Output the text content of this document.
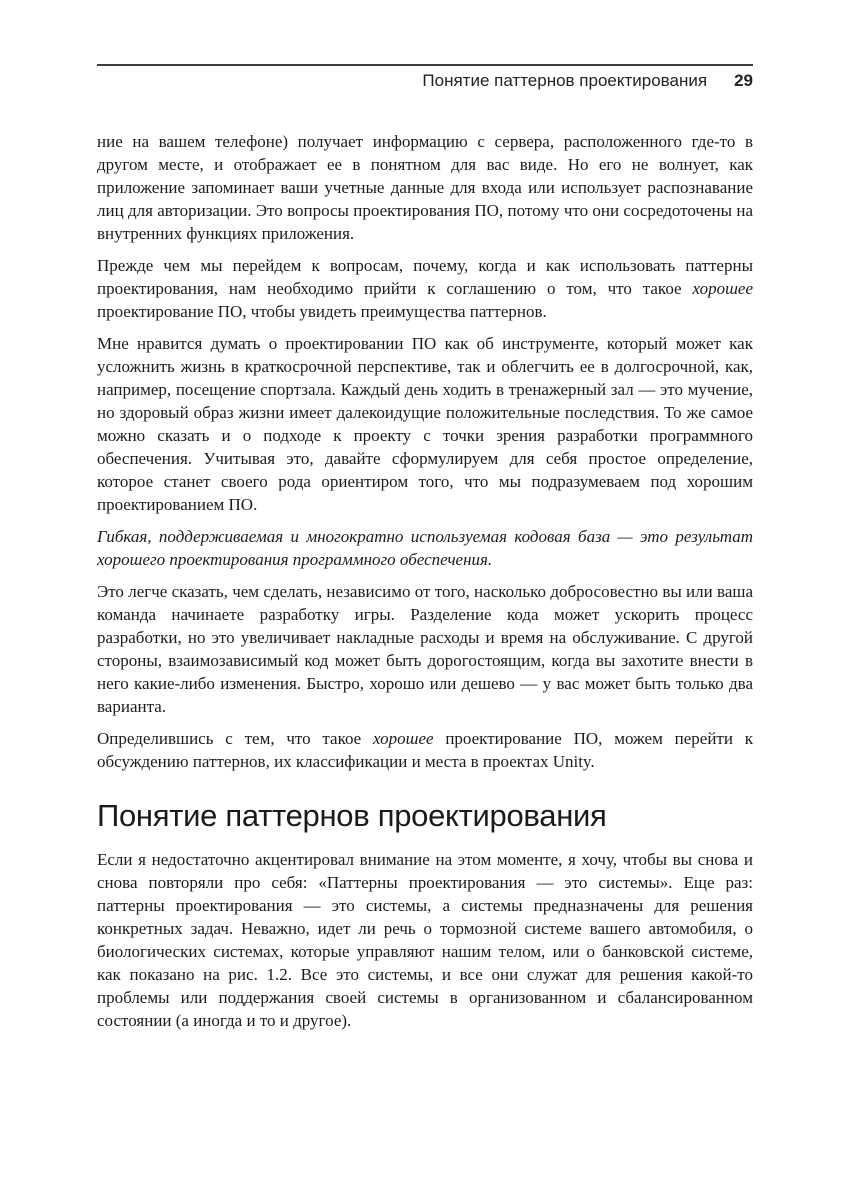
Понятие паттернов проектирования 29

ние на вашем телефоне) получает информацию с сервера, расположенного где-то в другом месте, и отображает ее в понятном для вас виде. Но его не волнует, как приложение запоминает ваши учетные данные для входа или использует распознавание лиц для авторизации. Это вопросы проектирования ПО, потому что они сосредоточены на внутренних функциях приложения.

Прежде чем мы перейдем к вопросам, почему, когда и как использовать паттерны проектирования, нам необходимо прийти к соглашению о том, что такое хорошее проектирование ПО, чтобы увидеть преимущества паттернов.

Мне нравится думать о проектировании ПО как об инструменте, который может как усложнить жизнь в краткосрочной перспективе, так и облегчить ее в долгосрочной, как, например, посещение спортзала. Каждый день ходить в тренажерный зал — это мучение, но здоровый образ жизни имеет далекоидущие положительные последствия. То же самое можно сказать и о подходе к проекту с точки зрения разработки программного обеспечения. Учитывая это, давайте сформулируем для себя простое определение, которое станет своего рода ориентиром того, что мы подразумеваем под хорошим проектированием ПО.

Гибкая, поддерживаемая и многократно используемая кодовая база — это результат хорошего проектирования программного обеспечения.

Это легче сказать, чем сделать, независимо от того, насколько добросовестно вы или ваша команда начинаете разработку игры. Разделение кода может ускорить процесс разработки, но это увеличивает накладные расходы и время на обслуживание. С другой стороны, взаимозависимый код может быть дорогостоящим, когда вы захотите внести в него какие-либо изменения. Быстро, хорошо или дешево — у вас может быть только два варианта.

Определившись с тем, что такое хорошее проектирование ПО, можем перейти к обсуждению паттернов, их классификации и места в проектах Unity.

Понятие паттернов проектирования

Если я недостаточно акцентировал внимание на этом моменте, я хочу, чтобы вы снова и снова повторяли про себя: «Паттерны проектирования — это системы». Еще раз: паттерны проектирования — это системы, а системы предназначены для решения конкретных задач. Неважно, идет ли речь о тормозной системе вашего автомобиля, о биологических системах, которые управляют нашим телом, или о банковской системе, как показано на рис. 1.2. Все это системы, и все они служат для решения какой-то проблемы или поддержания своей системы в организованном и сбалансированном состоянии (а иногда и то и другое).
